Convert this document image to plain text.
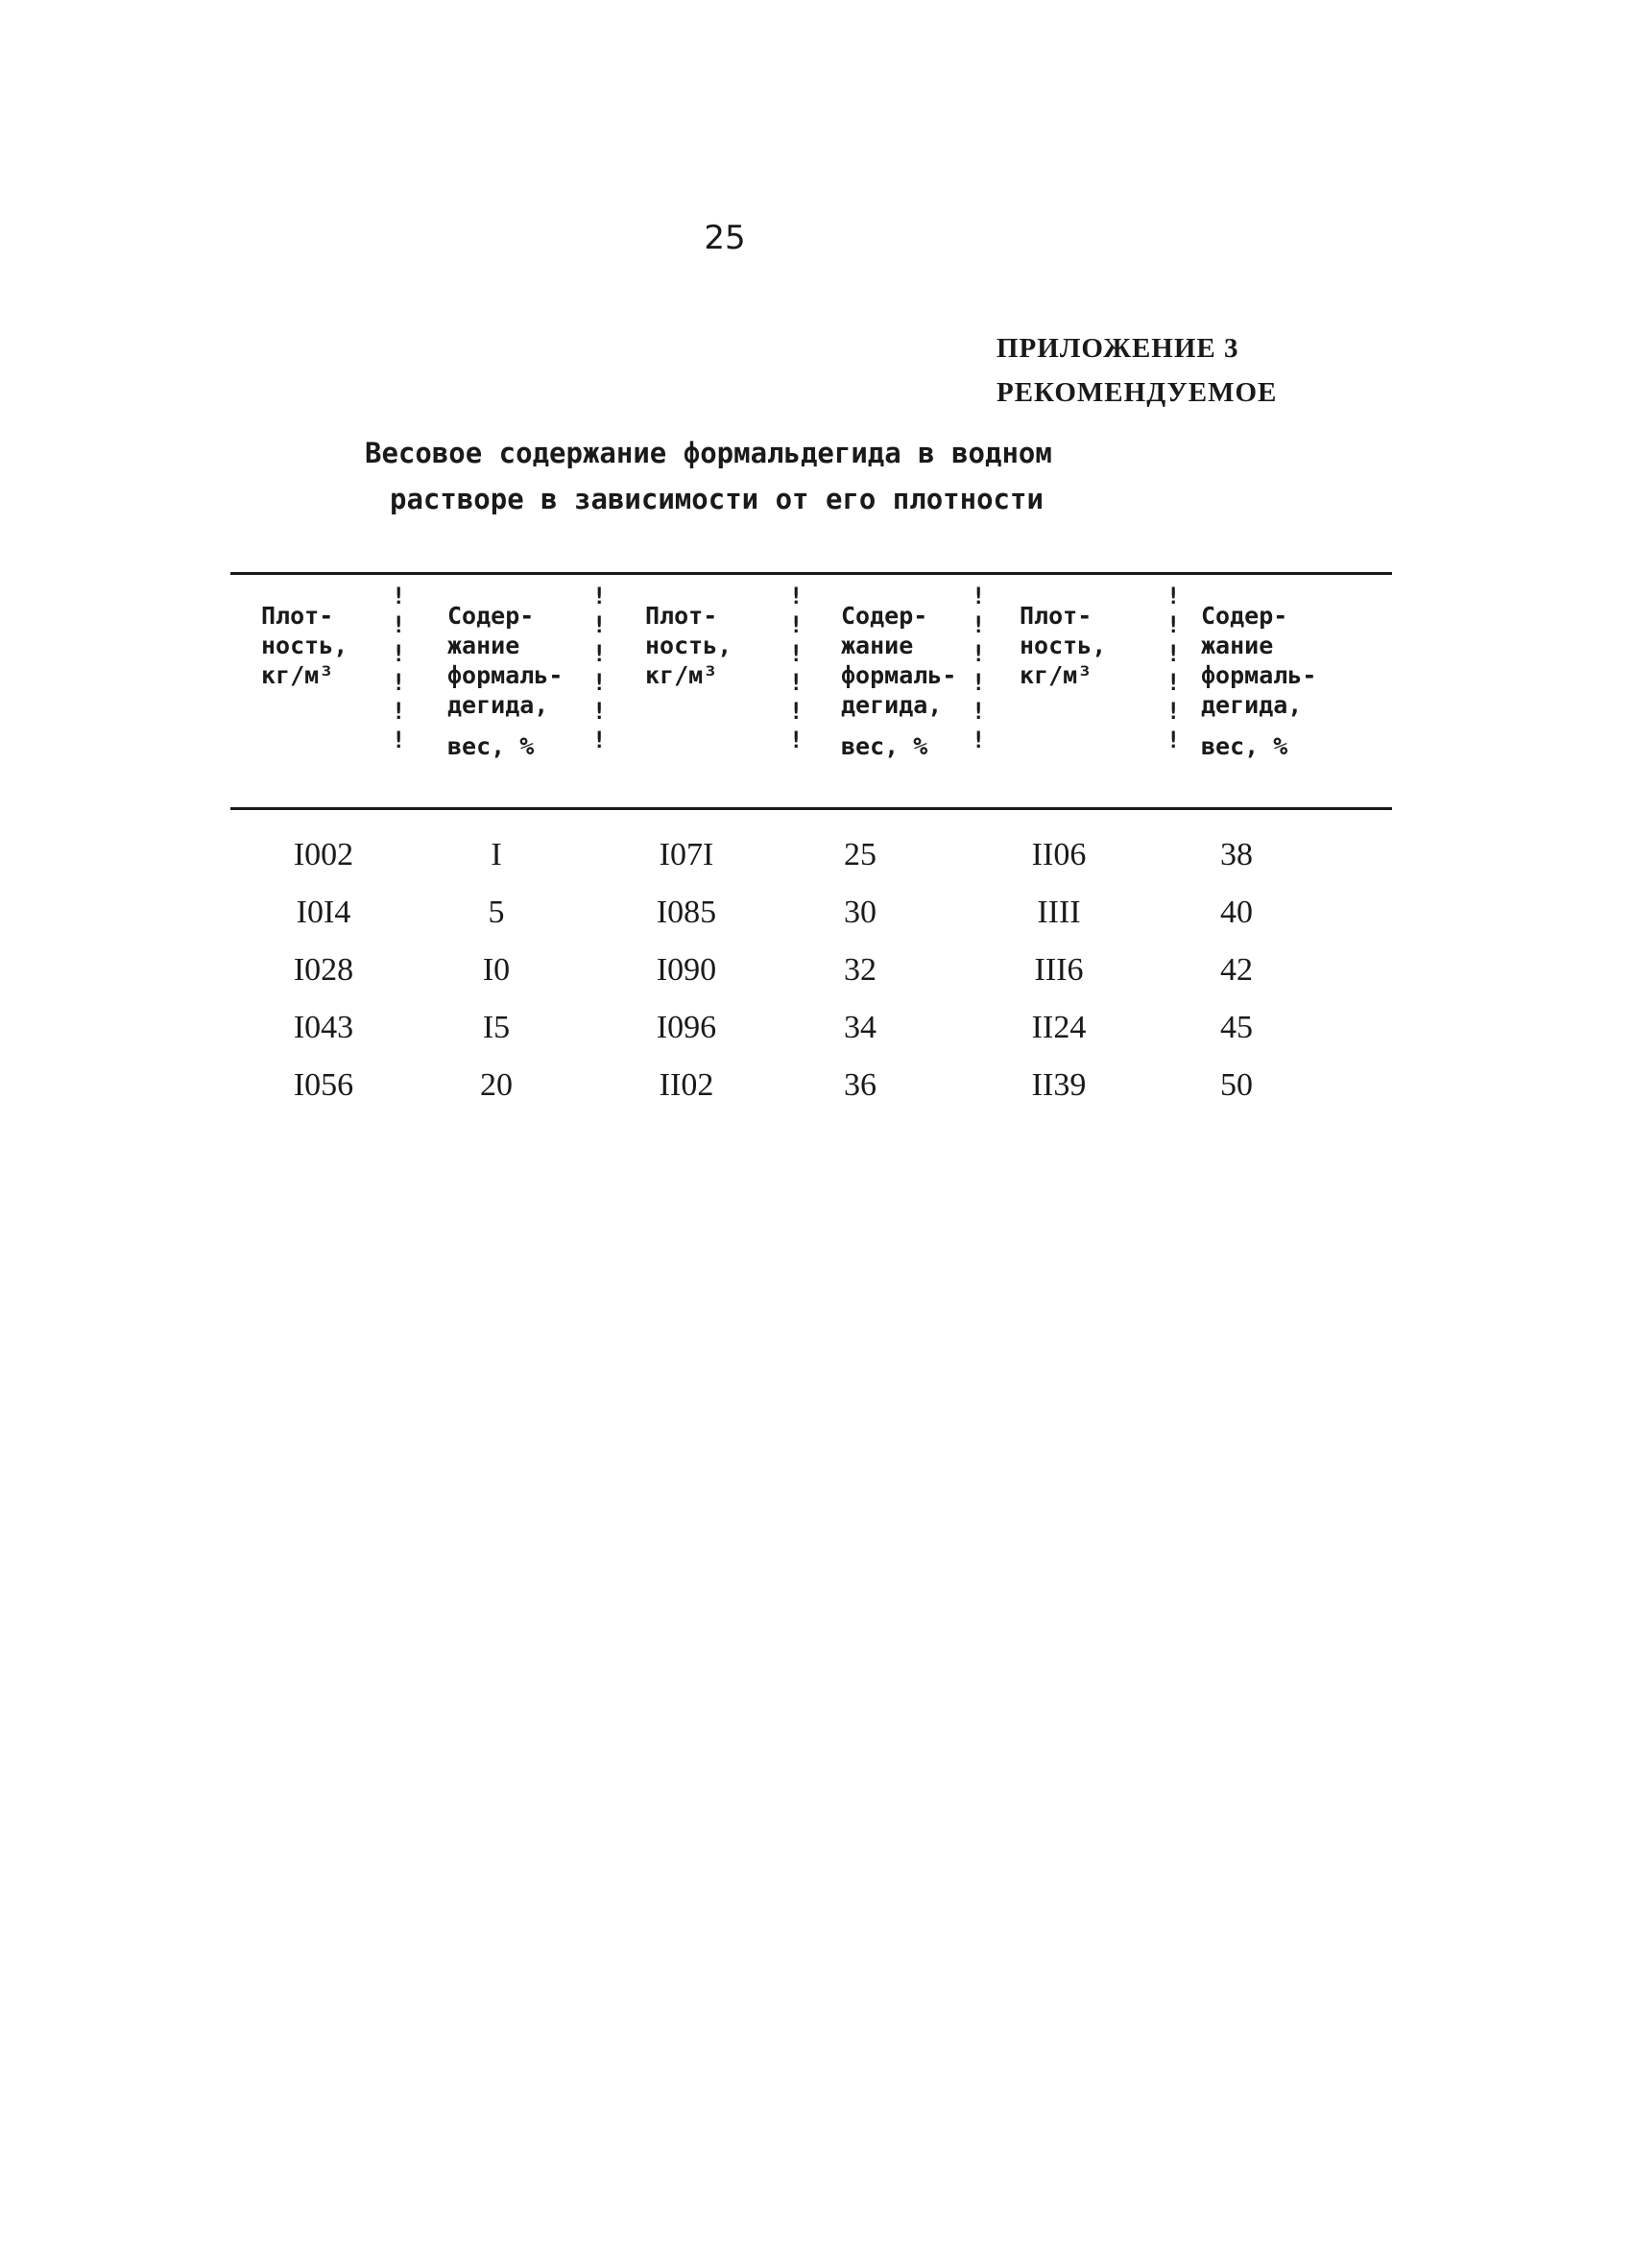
25
ПРИЛОЖЕНИЕ 3
РЕКОМЕНДУЕМОЕ
Весовое содержание формальдегида в водном
растворе в зависимости от его плотности
Плот-
ность,
кг/м³
!
!
!
!
!
!
Содер-
жание
формаль-
дегида,
вес, %
!
!
!
!
!
!
Плот-
ность,
кг/м³
!
!
!
!
!
!
Содер-
жание
формаль-
дегида,
вес, %
!
!
!
!
!
!
Плот-
ность,
кг/м³
!
!
!
!
!
!
Содер-
жание
формаль-
дегида,
вес, %
I002	I	I07I	25	II06	38
I0I4	5	I085	30	IIII	40
I028	I0	I090	32	III6	42
I043	I5	I096	34	II24	45
I056	20	II02	36	II39	50
